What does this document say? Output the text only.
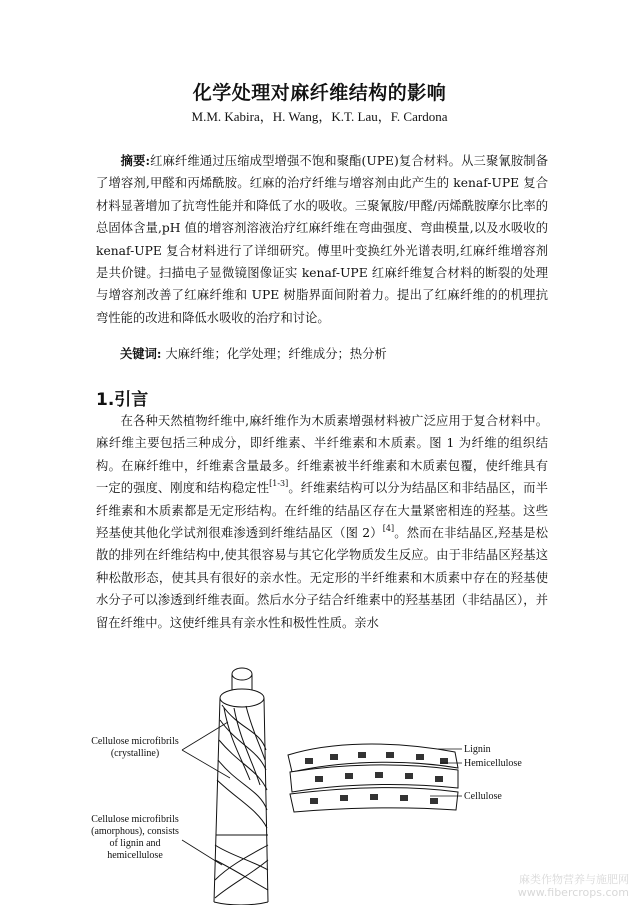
化学处理对麻纤维结构的影响
M.M. Kabira，H. Wang，K.T. Lau，F. Cardona
摘要:红麻纤维通过压缩成型增强不饱和聚酯(UPE)复合材料。从三聚氰胺制备了增容剂,甲醛和丙烯酰胺。红麻的治疗纤维与增容剂由此产生的 kenaf-UPE 复合材料显著增加了抗弯性能并和降低了水的吸收。三聚氰胺/甲醛/丙烯酰胺摩尔比率的总固体含量,pH 值的增容剂溶液治疗红麻纤维在弯曲强度、弯曲模量,以及水吸收的 kenaf-UPE 复合材料进行了详细研究。傅里叶变换红外光谱表明,红麻纤维增容剂是共价键。扫描电子显微镜图像证实 kenaf-UPE 红麻纤维复合材料的断裂的处理与增容剂改善了红麻纤维和 UPE 树脂界面间附着力。提出了红麻纤维的的机理抗弯性能的改进和降低水吸收的治疗和讨论。
关键词: 大麻纤维；化学处理；纤维成分；热分析
1.引言
在各种天然植物纤维中,麻纤维作为木质素增强材料被广泛应用于复合材料中。麻纤维主要包括三种成分，即纤维素、半纤维素和木质素。图 1 为纤维的组织结构。在麻纤维中，纤维素含量最多。纤维素被半纤维素和木质素包覆，使纤维具有一定的强度、刚度和结构稳定性[1-3]。纤维素结构可以分为结晶区和非结晶区，而半纤维素和木质素都是无定形结构。在纤维的结晶区存在大量紧密相连的羟基。这些羟基使其他化学试剂很难渗透到纤维结晶区（图 2）[4]。然而在非结晶区,羟基是松散的排列在纤维结构中,使其很容易与其它化学物质发生反应。由于非结晶区羟基这种松散形态，使其具有很好的亲水性。无定形的半纤维素和木质素中存在的羟基使水分子可以渗透到纤维表面。然后水分子结合纤维素中的羟基基团（非结晶区），并留在纤维中。这使纤维具有亲水性和极性性质。亲水
Cellulose microfibrils
(crystalline)
Cellulose microfibrils
(amorphous), consists
of lignin and
hemicellulose
Lignin
Hemicellulose
Cellulose
麻类作物营养与施肥网
www.fibercrops.com
